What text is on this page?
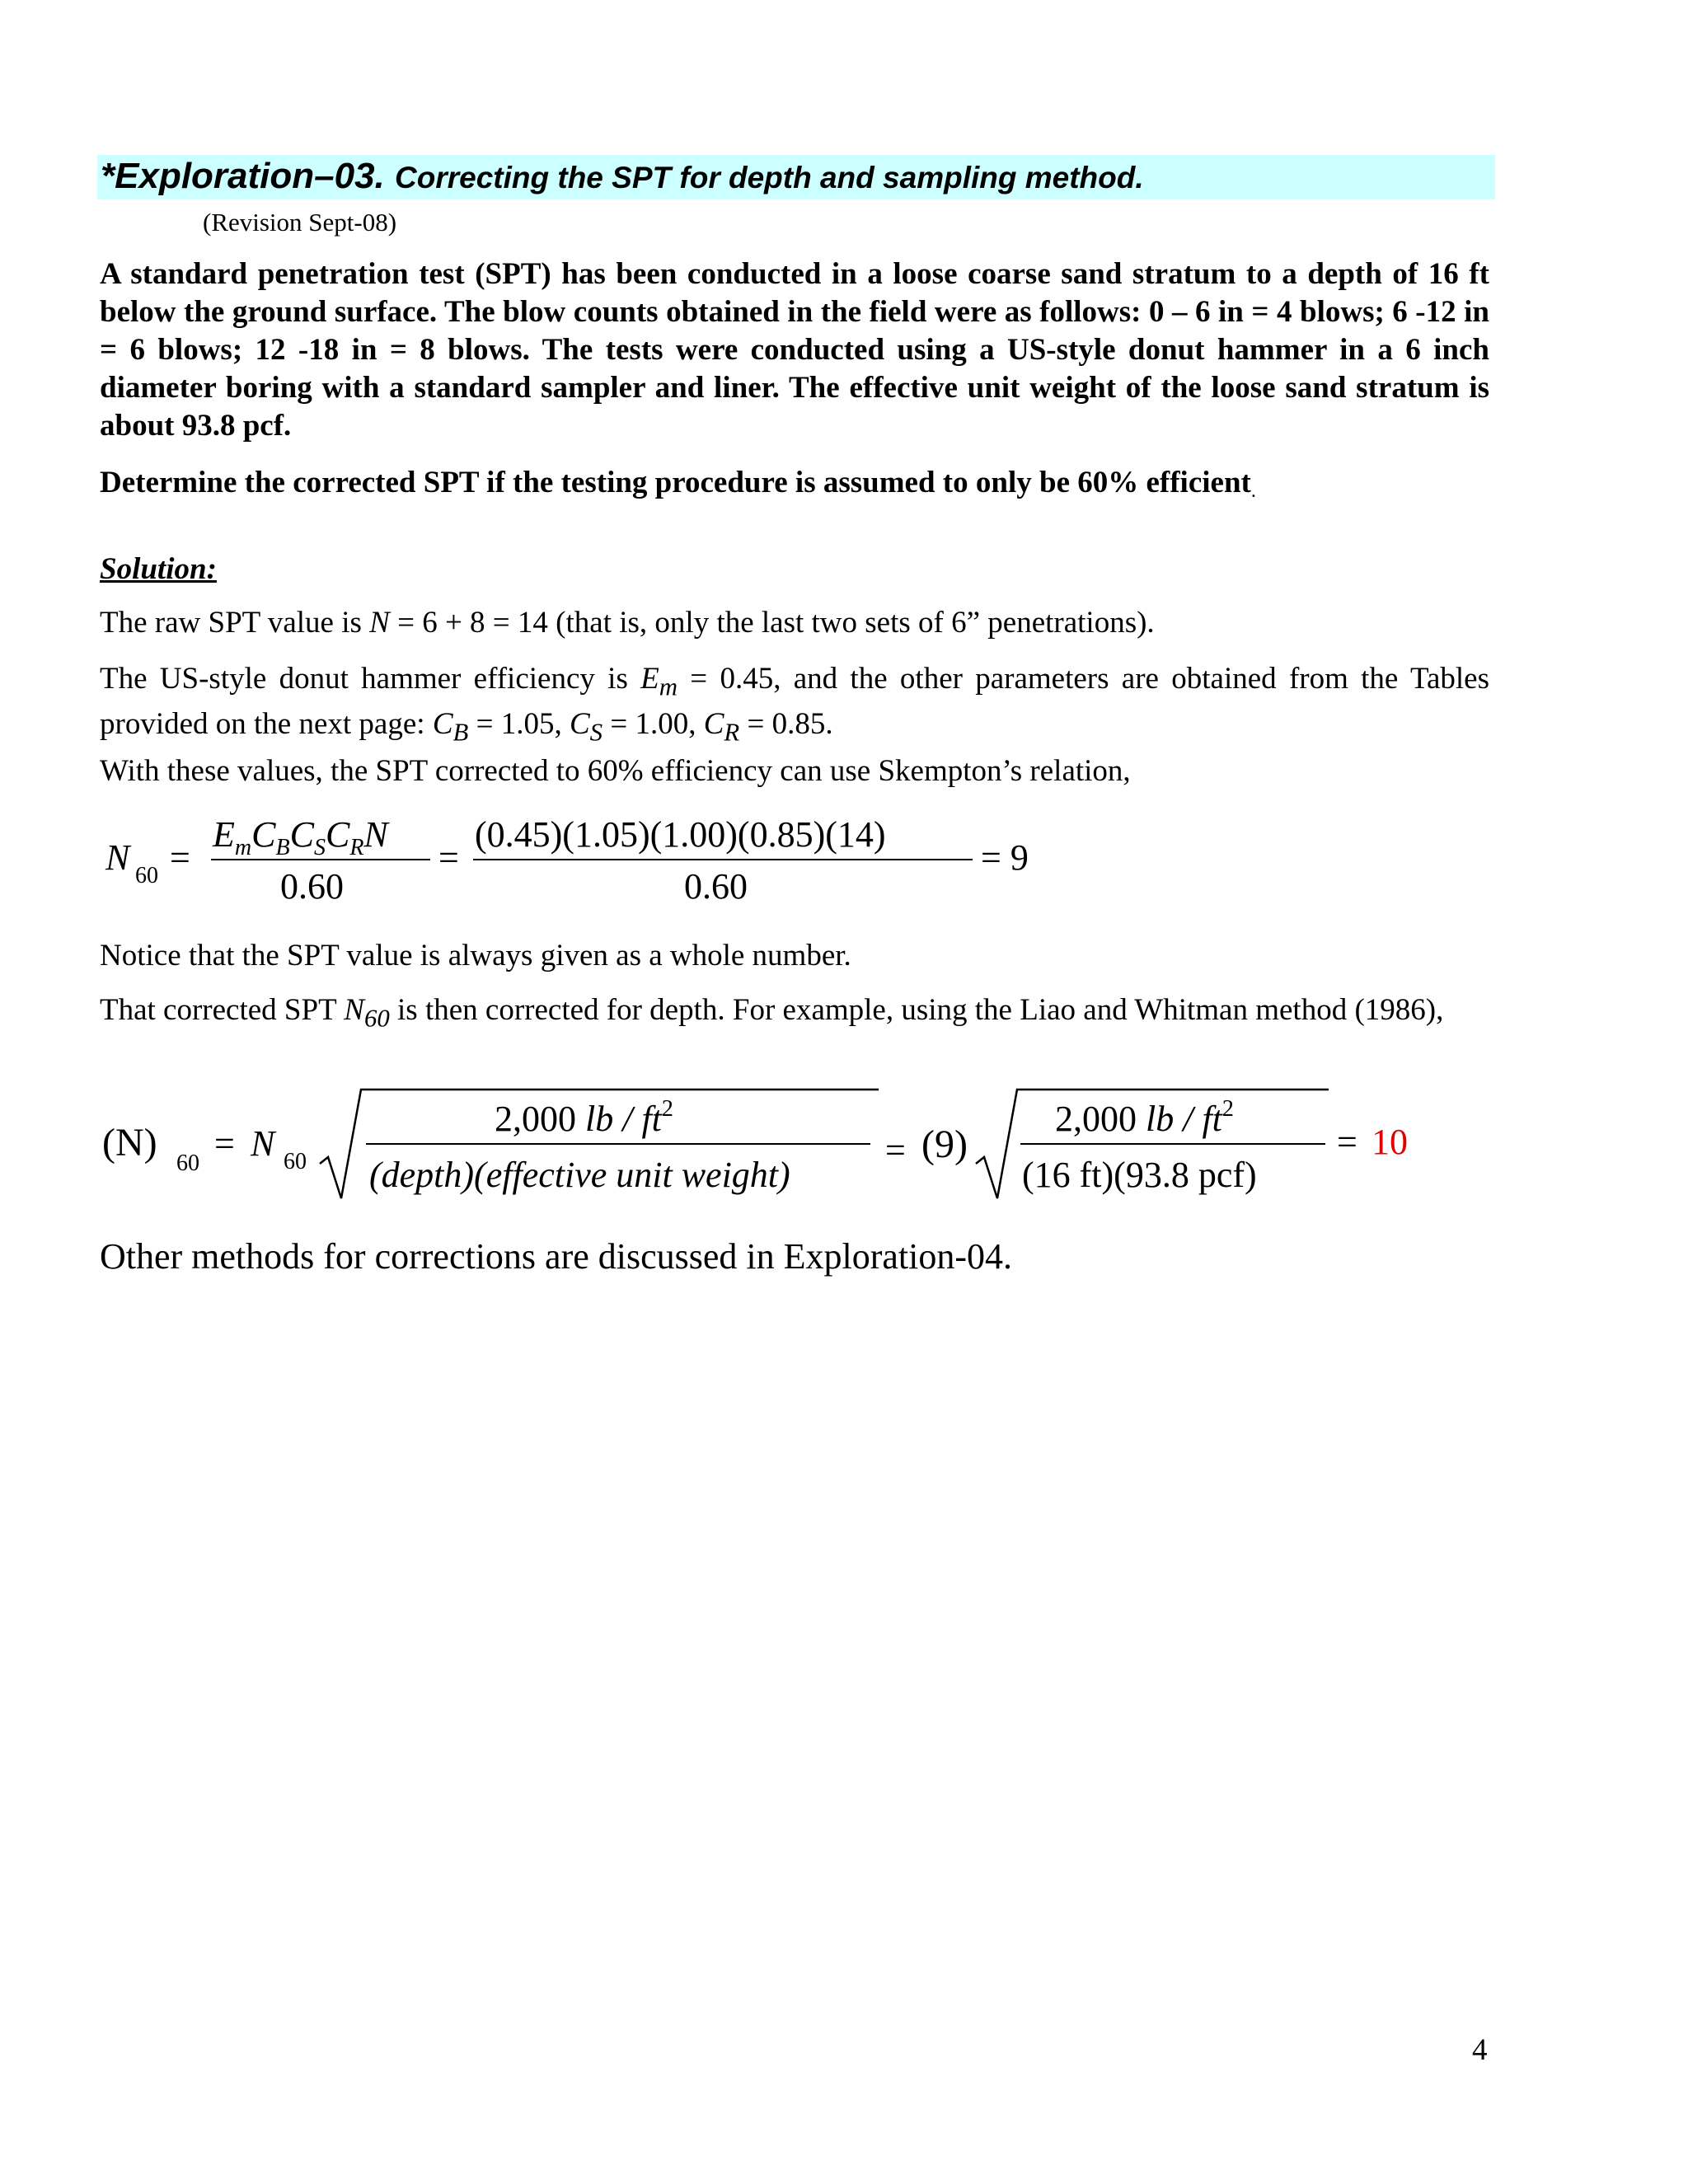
*Exploration–03. Correcting the SPT for depth and sampling method.
(Revision Sept-08)

A standard penetration test (SPT) has been conducted in a loose coarse sand stratum to a depth of 16 ft below the ground surface. The blow counts obtained in the field were as follows: 0 – 6 in = 4 blows; 6 -12 in = 6 blows; 12 -18 in = 8 blows. The tests were conducted using a US-style donut hammer in a 6 inch diameter boring with a standard sampler and liner. The effective unit weight of the loose sand stratum is about 93.8 pcf.

Determine the corrected SPT if the testing procedure is assumed to only be 60% efficient.

Solution:

The raw SPT value is N = 6 + 8 = 14 (that is, only the last two sets of 6” penetrations).

The US-style donut hammer efficiency is $E_m = 0.45$, and the other parameters are obtained from the Tables provided on the next page: $C_B = 1.05$, $C_S = 1.00$, $C_R = 0.85$.

With these values, the SPT corrected to 60% efficiency can use Skempton’s relation,

N 60 =
$E_mC_BC_SC_RN$
0.60
=
(0.45)(1.05)(1.00)(0.85)(14)
0.60
= 9

Notice that the SPT value is always given as a whole number.

That corrected SPT $N_{60}$ is then corrected for depth. For example, using the Liao and Whitman method (1986),

(N) 60 = N 60
2,000 lb / $ft^2$
(depth)(effective unit weight)
= (9)
2,000 lb / $ft^2$
(16 ft)(93.8 pcf)
= 10
Other methods for corrections are discussed in Exploration-04.
4
